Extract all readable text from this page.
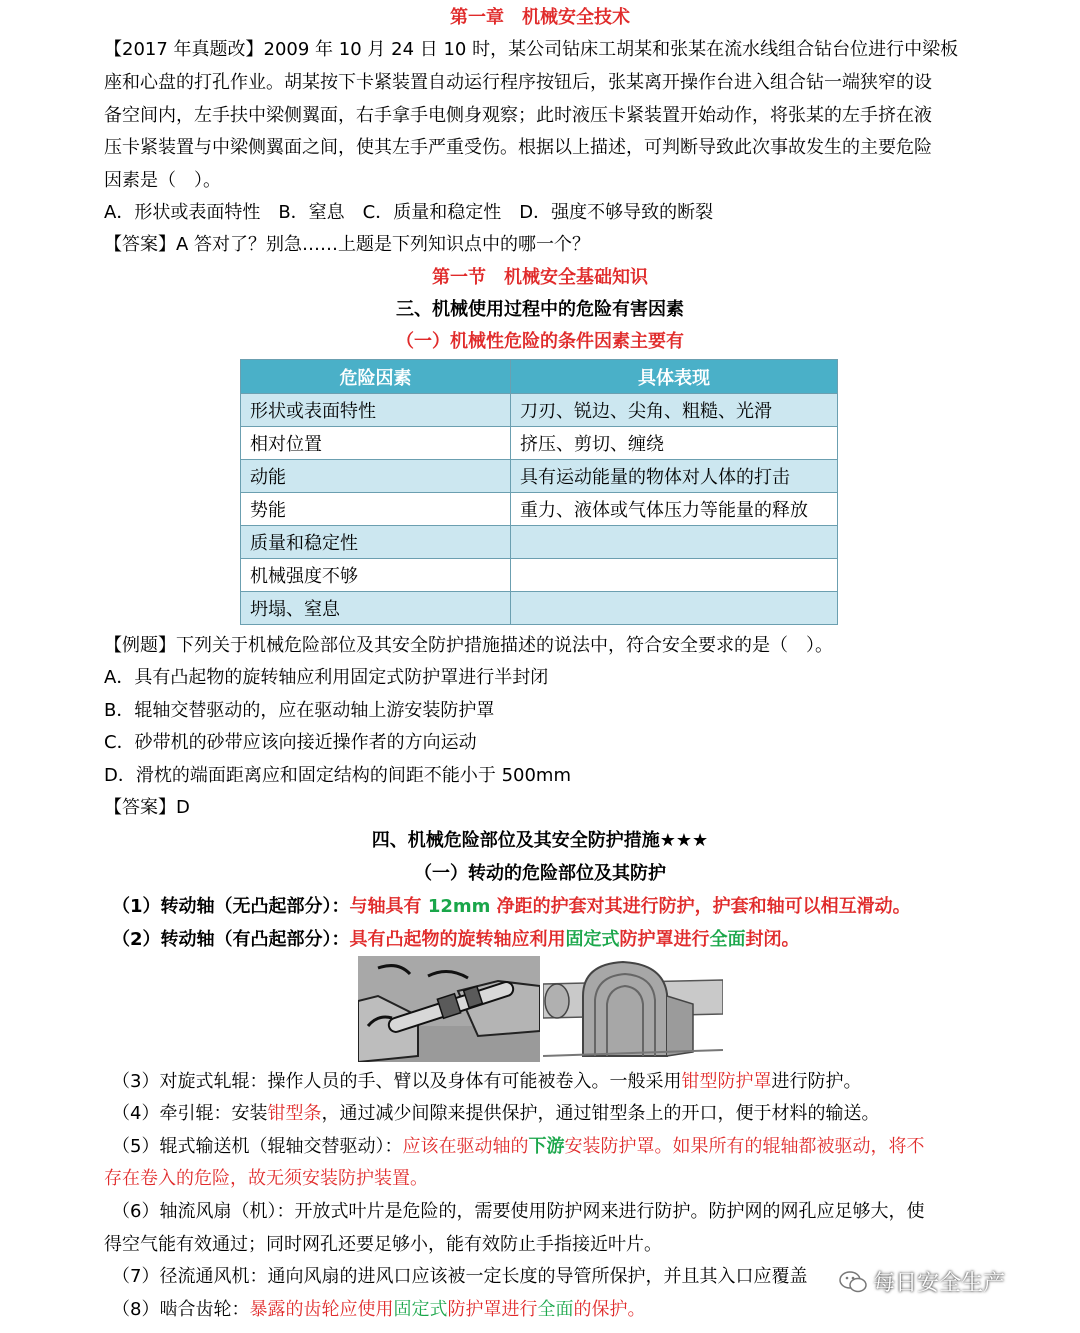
第一章　机械安全技术
【2017 年真题改】2009 年 10 月 24 日 10 时，某公司钻床工胡某和张某在流水线组合钻台位进行中梁板
座和心盘的打孔作业。胡某按下卡紧装置自动运行程序按钮后，张某离开操作台进入组合钻一端狭窄的设
备空间内，左手扶中梁侧翼面，右手拿手电侧身观察；此时液压卡紧装置开始动作，将张某的左手挤在液
压卡紧装置与中梁侧翼面之间，使其左手严重受伤。根据以上描述，可判断导致此次事故发生的主要危险
因素是（　）。
A．形状或表面特性　B．窒息　C．质量和稳定性　D．强度不够导致的断裂
【答案】A 答对了？别急……上题是下列知识点中的哪一个？
第一节　机械安全基础知识
三、机械使用过程中的危险有害因素
（一）机械性危险的条件因素主要有
危险因素	具体表现
形状或表面特性	刀刃、锐边、尖角、粗糙、光滑
相对位置	挤压、剪切、缠绕
动能	具有运动能量的物体对人体的打击
势能	重力、液体或气体压力等能量的释放
质量和稳定性	
机械强度不够	
坍塌、窒息	
【例题】下列关于机械危险部位及其安全防护措施描述的说法中，符合安全要求的是（　）。
A．具有凸起物的旋转轴应利用固定式防护罩进行半封闭
B．辊轴交替驱动的，应在驱动轴上游安装防护罩
C．砂带机的砂带应该向接近操作者的方向运动
D．滑枕的端面距离应和固定结构的间距不能小于 500mm
【答案】D
四、机械危险部位及其安全防护措施★★★
（一）转动的危险部位及其防护
（1）转动轴（无凸起部分）：与轴具有 12mm 净距的护套对其进行防护，护套和轴可以相互滑动。
（2）转动轴（有凸起部分）：具有凸起物的旋转轴应利用固定式防护罩进行全面封闭。
（3）对旋式轧辊：操作人员的手、臂以及身体有可能被卷入。一般采用钳型防护罩进行防护。
（4）牵引辊：安装钳型条，通过减少间隙来提供保护，通过钳型条上的开口，便于材料的输送。
（5）辊式输送机（辊轴交替驱动）：应该在驱动轴的下游安装防护罩。如果所有的辊轴都被驱动，将不
存在卷入的危险，故无须安装防护装置。
（6）轴流风扇（机）：开放式叶片是危险的，需要使用防护网来进行防护。防护网的网孔应足够大，使
得空气能有效通过；同时网孔还要足够小，能有效防止手指接近叶片。
（7）径流通风机：通向风扇的进风口应该被一定长度的导管所保护，并且其入口应覆盖
（8）啮合齿轮：暴露的齿轮应使用固定式防护罩进行全面的保护。
每日安全生产
